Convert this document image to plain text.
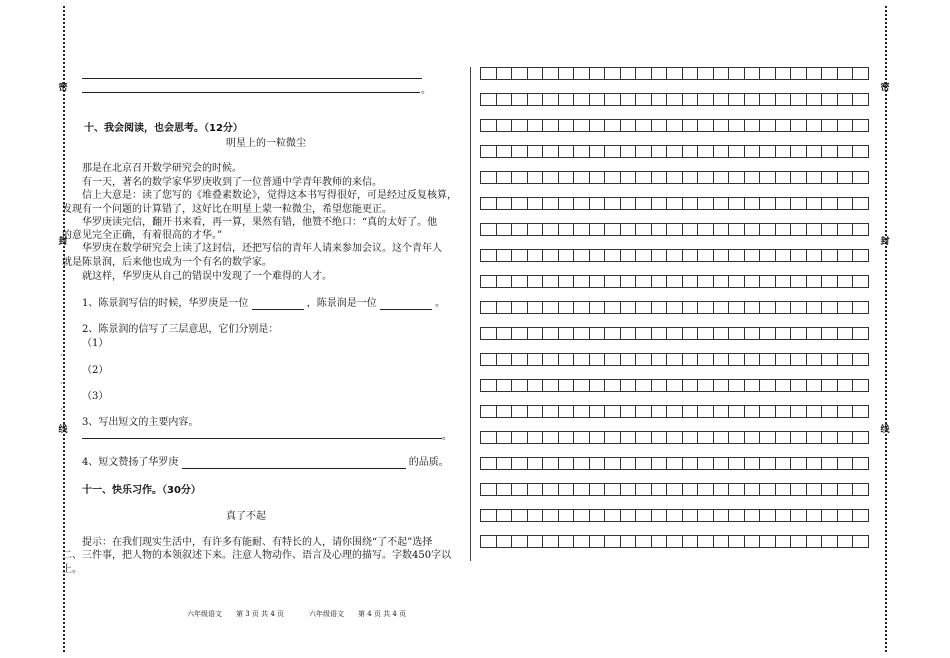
密
封
线
密
封
线
。
十、我会阅读，也会思考。（12分）
明星上的一粒微尘
那是在北京召开数学研究会的时候。
有一天，著名的数学家华罗庚收到了一位普通中学青年教师的来信。
信上大意是：读了您写的《堆叠素数论》，觉得这本书写得很好，可是经过反复核算，
发现有一个问题的计算错了，这好比在明星上蒙一粒微尘，希望您能更正。
华罗庚读完信，翻开书来看，再一算，果然有错，他赞不绝口：“真的太好了。他
的意见完全正确，有着很高的才华。”
华罗庚在数学研究会上读了这封信，还把写信的青年人请来参加会议。这个青年人
就是陈景润，后来他也成为一个有名的数学家。
就这样，华罗庚从自己的错误中发现了一个难得的人才。
1、陈景润写信的时候，华罗庚是一位	，陈景润是一位	。
2、陈景润的信写了三层意思，它们分别是：
（1）
（2）
（3）
·
·
·
3、写出短文的主要内容。
。
4、短文赞扬了华罗庚	的品质。
十一、快乐习作。（30分）
真了不起
提示：在我们现实生活中，有许多有能耐、有特长的人，请你围绕“了不起”选择
二、三件事，把人物的本领叙述下来。注意人物动作、语言及心理的描写。字数450字以
上。
六年级语文　　第 3 页 共 4 页	六年级语文　　第 4 页 共 4 页
